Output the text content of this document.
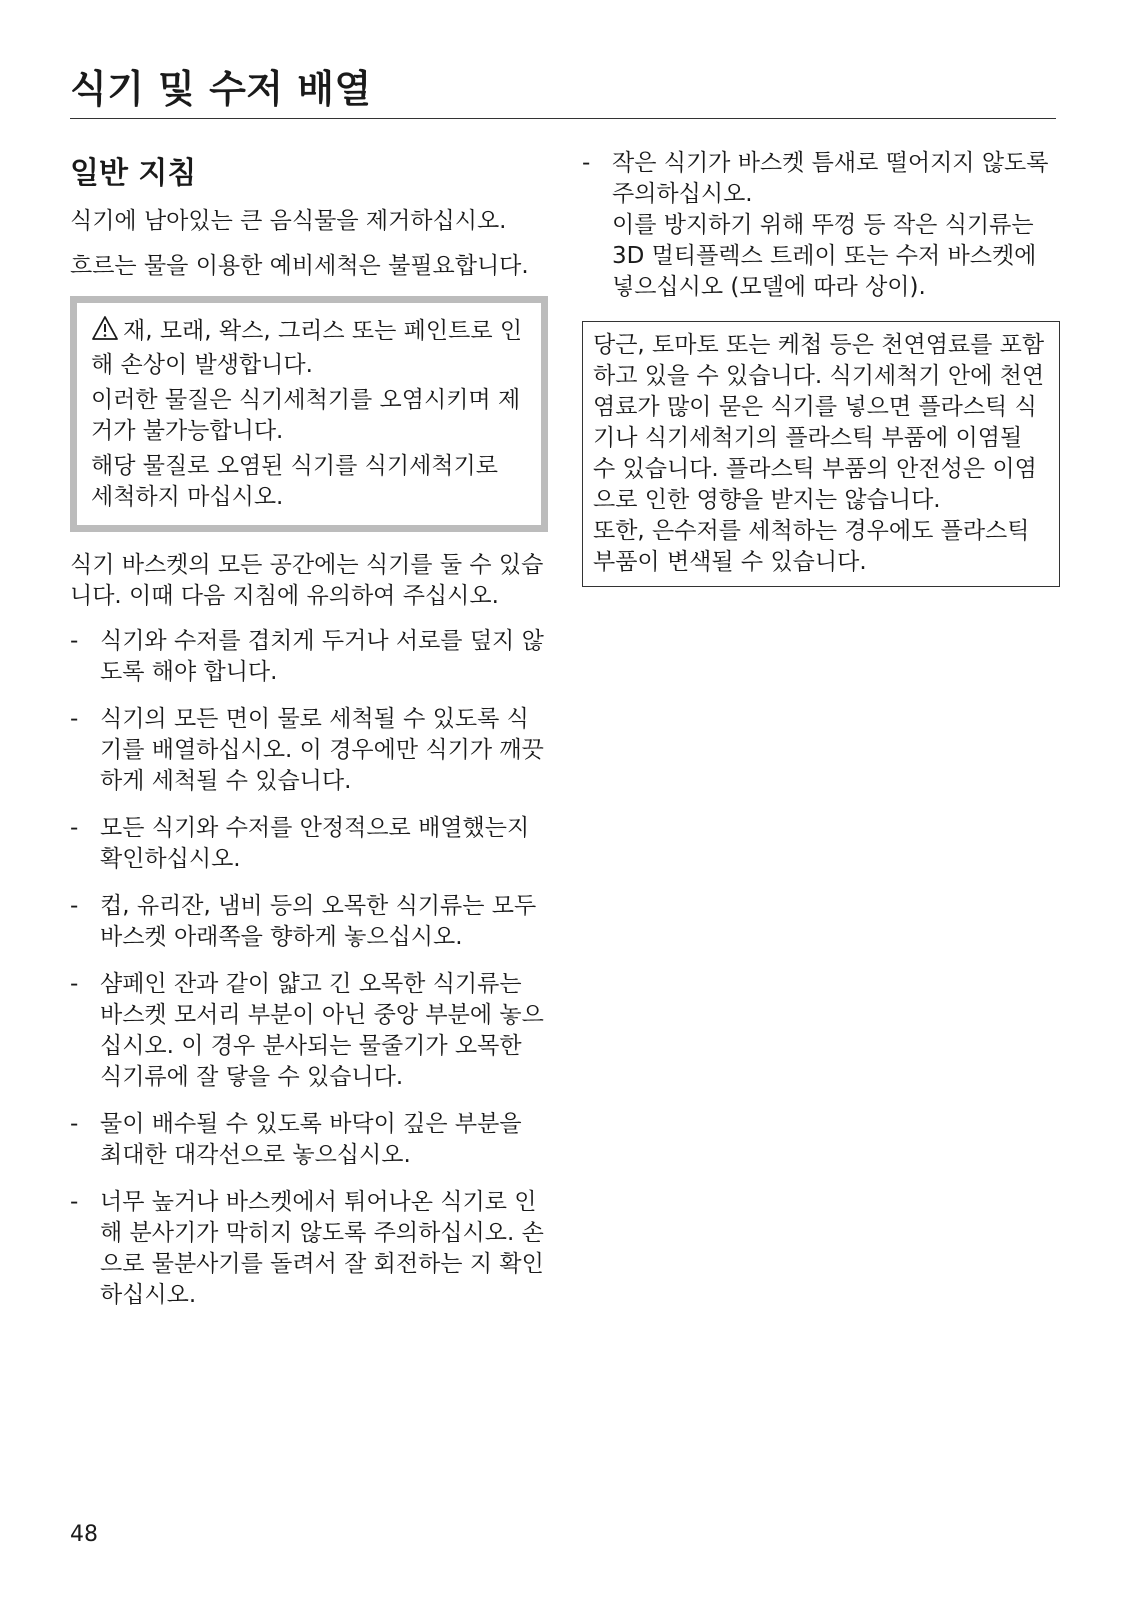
식기 및 수저 배열
일반 지침

식기에 남아있는 큰 음식물을 제거하십시오.

흐르는 물을 이용한 예비세척은 불필요합니다.

재, 모래, 왁스, 그리스 또는 페인트로 인해 손상이 발생합니다.

이러한 물질은 식기세척기를 오염시키며 제거가 불가능합니다.

해당 물질로 오염된 식기를 식기세척기로 세척하지 마십시오.

식기 바스켓의 모든 공간에는 식기를 둘 수 있습니다. 이때 다음 지침에 유의하여 주십시오.

- 식기와 수저를 겹치게 두거나 서로를 덮지 않도록 해야 합니다.

- 식기의 모든 면이 물로 세척될 수 있도록 식기를 배열하십시오. 이 경우에만 식기가 깨끗하게 세척될 수 있습니다.

- 모든 식기와 수저를 안정적으로 배열했는지 확인하십시오.

- 컵, 유리잔, 냄비 등의 오목한 식기류는 모두 바스켓 아래쪽을 향하게 놓으십시오.

- 샴페인 잔과 같이 얇고 긴 오목한 식기류는 바스켓 모서리 부분이 아닌 중앙 부분에 놓으십시오. 이 경우 분사되는 물줄기가 오목한 식기류에 잘 닿을 수 있습니다.

- 물이 배수될 수 있도록 바닥이 깊은 부분을 최대한 대각선으로 놓으십시오.

- 너무 높거나 바스켓에서 튀어나온 식기로 인해 분사기가 막히지 않도록 주의하십시오. 손으로 물분사기를 돌려서 잘 회전하는 지 확인하십시오.

- 작은 식기가 바스켓 틈새로 떨어지지 않도록 주의하십시오.

이를 방지하기 위해 뚜껑 등 작은 식기류는 3D 멀티플렉스 트레이 또는 수저 바스켓에 넣으십시오 (모델에 따라 상이).

당근, 토마토 또는 케첩 등은 천연염료를 포함하고 있을 수 있습니다. 식기세척기 안에 천연염료가 많이 묻은 식기를 넣으면 플라스틱 식기나 식기세척기의 플라스틱 부품에 이염될 수 있습니다. 플라스틱 부품의 안전성은 이염으로 인한 영향을 받지는 않습니다.

또한, 은수저를 세척하는 경우에도 플라스틱 부품이 변색될 수 있습니다.

48
